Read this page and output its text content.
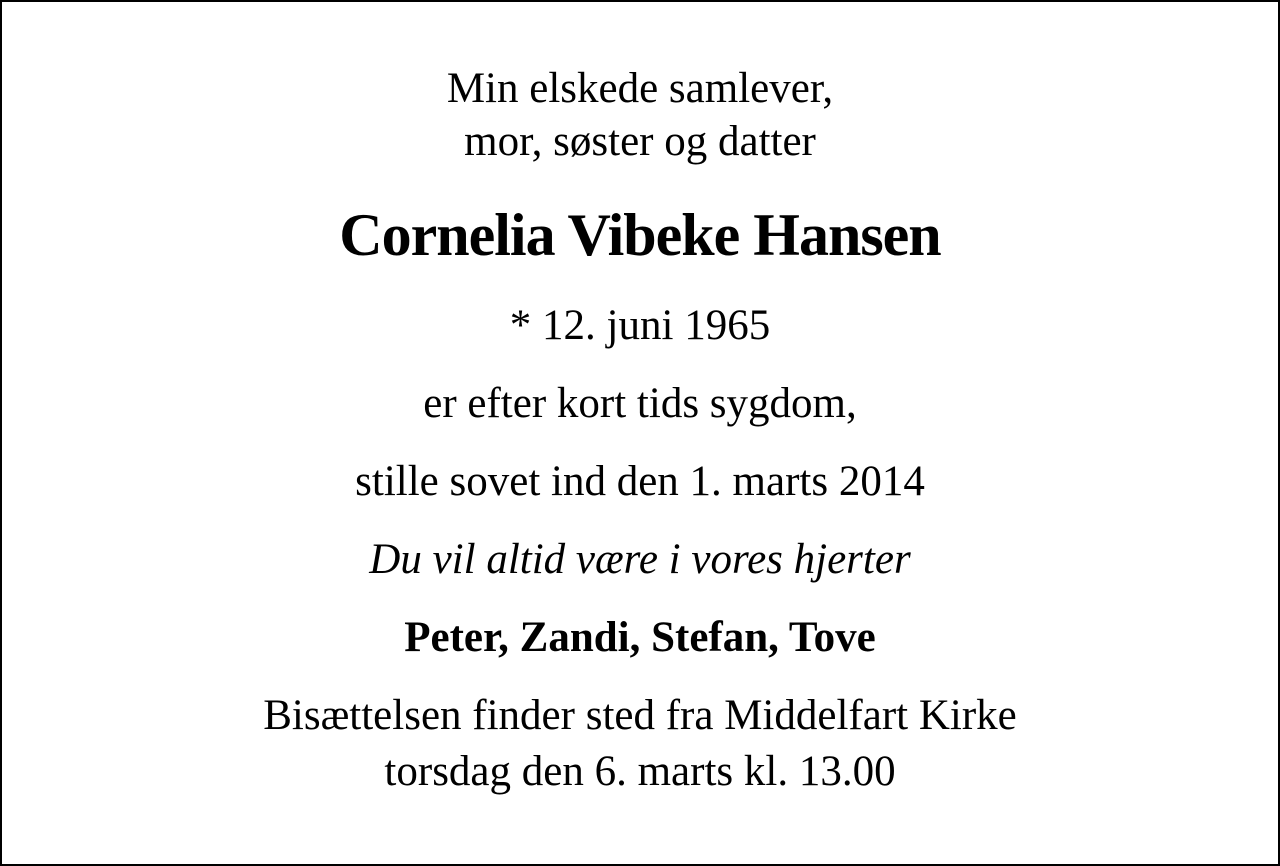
Min elskede samlever,
mor, søster og datter
Cornelia Vibeke Hansen
* 12. juni 1965
er efter kort tids sygdom,
stille sovet ind den 1. marts 2014
Du vil altid være i vores hjerter
Peter, Zandi, Stefan, Tove
Bisættelsen finder sted fra Middelfart Kirke
torsdag den 6. marts kl. 13.00
